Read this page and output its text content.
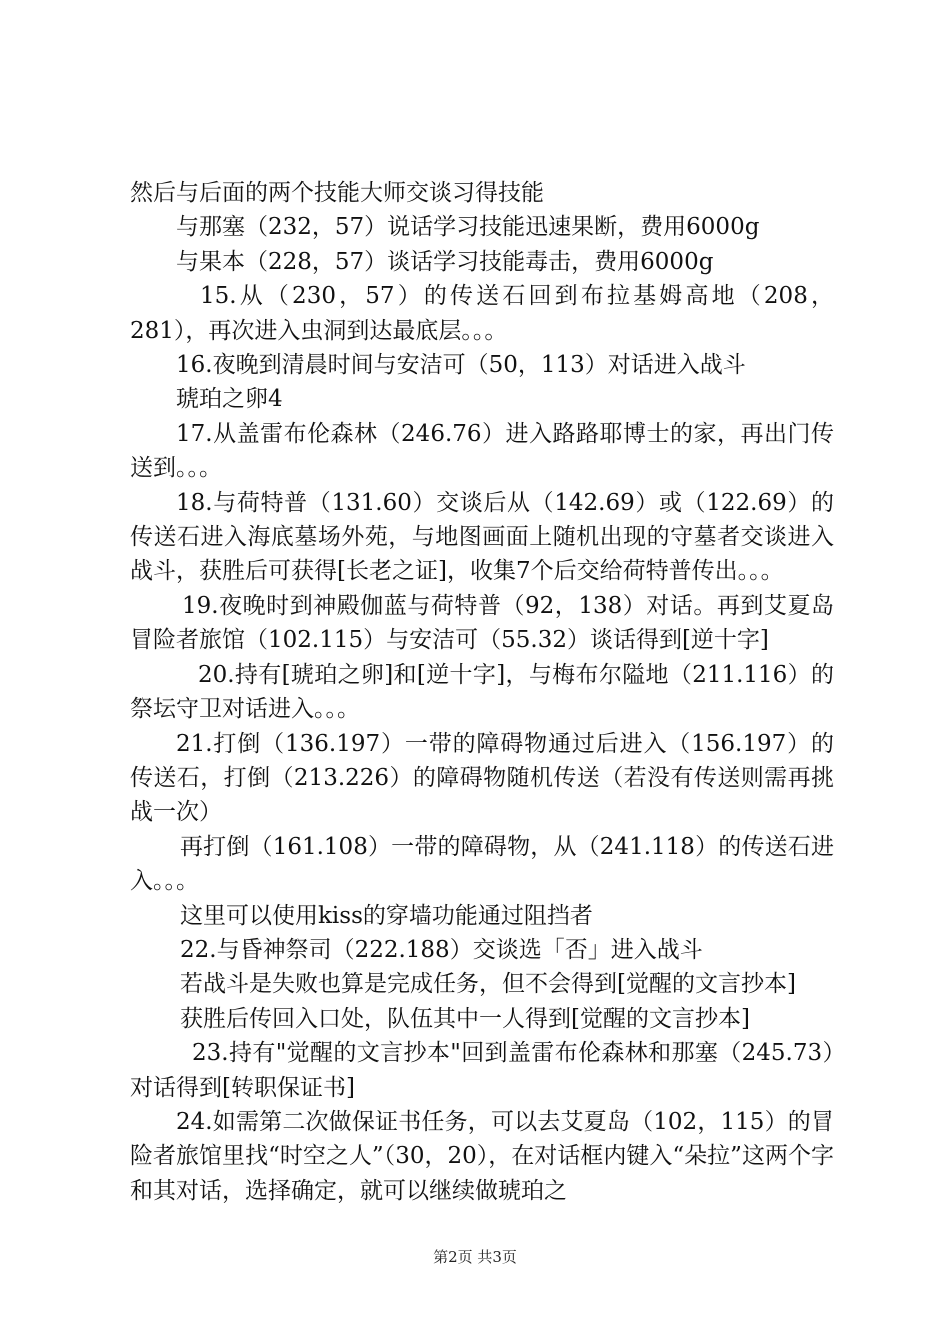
然后与后面的两个技能大师交谈习得技能

与那塞（232，57）说话学习技能迅速果断，费用6000g

与果本（228，57）谈话学习技能毒击，费用6000g

15.从（230，57）的传送石回到布拉基姆高地（208，281），再次进入虫洞到达最底层。。。

16.夜晚到清晨时间与安洁可（50，113）对话进入战斗

琥珀之卵4

17.从盖雷布伦森林（246.76）进入路路耶博士的家，再出门传送到。。。

18.与荷特普（131.60）交谈后从（142.69）或（122.69）的传送石进入海底墓场外苑，与地图画面上随机出现的守墓者交谈进入战斗，获胜后可获得[长老之证]，收集7个后交给荷特普传出。。。

19.夜晚时到神殿伽蓝与荷特普（92，138）对话。再到艾夏岛冒险者旅馆（102.115）与安洁可（55.32）谈话得到[逆十字]

20.持有[琥珀之卵]和[逆十字]，与梅布尔隘地（211.116）的祭坛守卫对话进入。。。

21.打倒（136.197）一带的障碍物通过后进入（156.197）的传送石，打倒（213.226）的障碍物随机传送（若没有传送则需再挑战一次）

再打倒（161.108）一带的障碍物，从（241.118）的传送石进入。。。

这里可以使用kiss的穿墙功能通过阻挡者

22.与昏神祭司（222.188）交谈选「否」进入战斗

若战斗是失败也算是完成任务，但不会得到[觉醒的文言抄本]

获胜后传回入口处，队伍其中一人得到[觉醒的文言抄本]

23.持有"觉醒的文言抄本"回到盖雷布伦森林和那塞（245.73）对话得到[转职保证书]

24.如需第二次做保证书任务，可以去艾夏岛（102，115）的冒险者旅馆里找“时空之人”（30，20），在对话框内键入“朵拉”这两个字和其对话，选择确定，就可以继续做琥珀之

第2页 共3页
